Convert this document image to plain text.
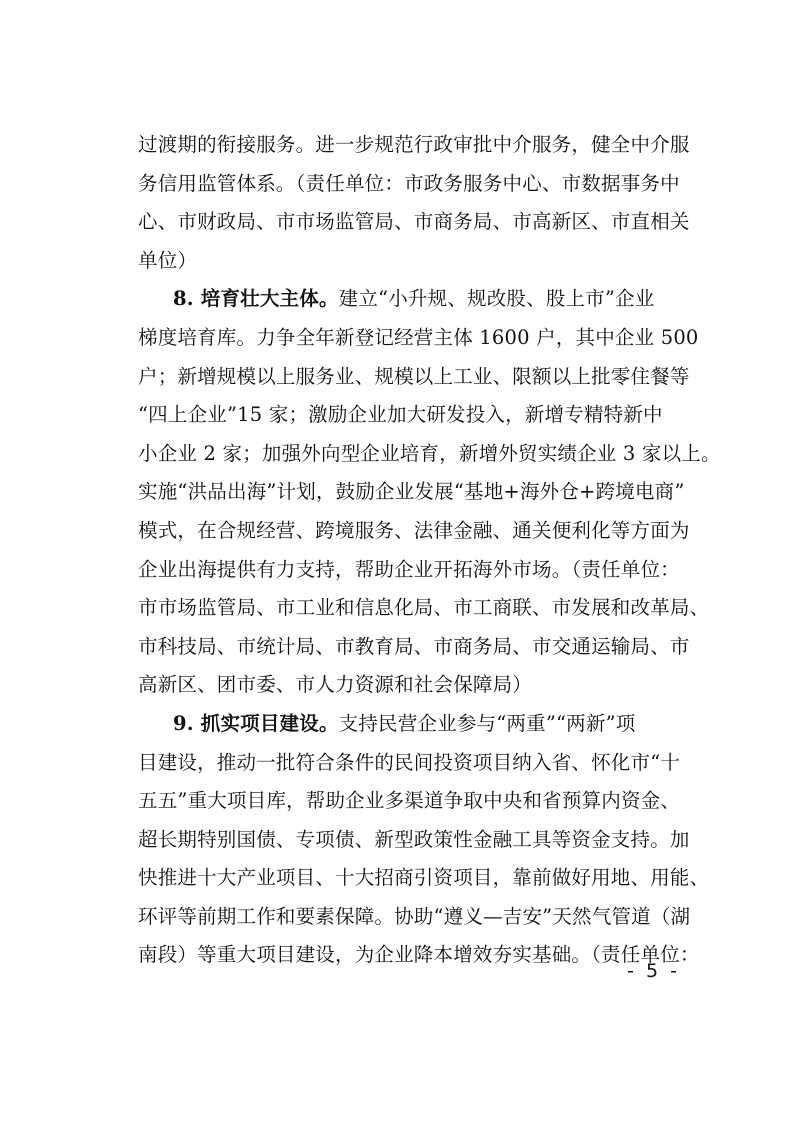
过渡期的衔接服务。进一步规范行政审批中介服务，健全中介服
务信用监管体系。（责任单位：市政务服务中心、市数据事务中
心、市财政局、市市场监管局、市商务局、市高新区、市直相关
单位）
8. 培育壮大主体。建立“小升规、规改股、股上市”企业
梯度培育库。力争全年新登记经营主体 1600 户，其中企业 500
户；新增规模以上服务业、规模以上工业、限额以上批零住餐等
“四上企业”15 家；激励企业加大研发投入，新增专精特新中
小企业 2 家；加强外向型企业培育，新增外贸实绩企业 3 家以上。
实施“洪品出海”计划，鼓励企业发展“基地+海外仓+跨境电商”
模式，在合规经营、跨境服务、法律金融、通关便利化等方面为
企业出海提供有力支持，帮助企业开拓海外市场。（责任单位：
市市场监管局、市工业和信息化局、市工商联、市发展和改革局、
市科技局、市统计局、市教育局、市商务局、市交通运输局、市
高新区、团市委、市人力资源和社会保障局）
9. 抓实项目建设。支持民营企业参与“两重”“两新”项
目建设，推动一批符合条件的民间投资项目纳入省、怀化市“十
五五”重大项目库，帮助企业多渠道争取中央和省预算内资金、
超长期特别国债、专项债、新型政策性金融工具等资金支持。加
快推进十大产业项目、十大招商引资项目，靠前做好用地、用能、
环评等前期工作和要素保障。协助“遵义—吉安”天然气管道（湖
南段）等重大项目建设，为企业降本增效夯实基础。（责任单位：
- 5 -
